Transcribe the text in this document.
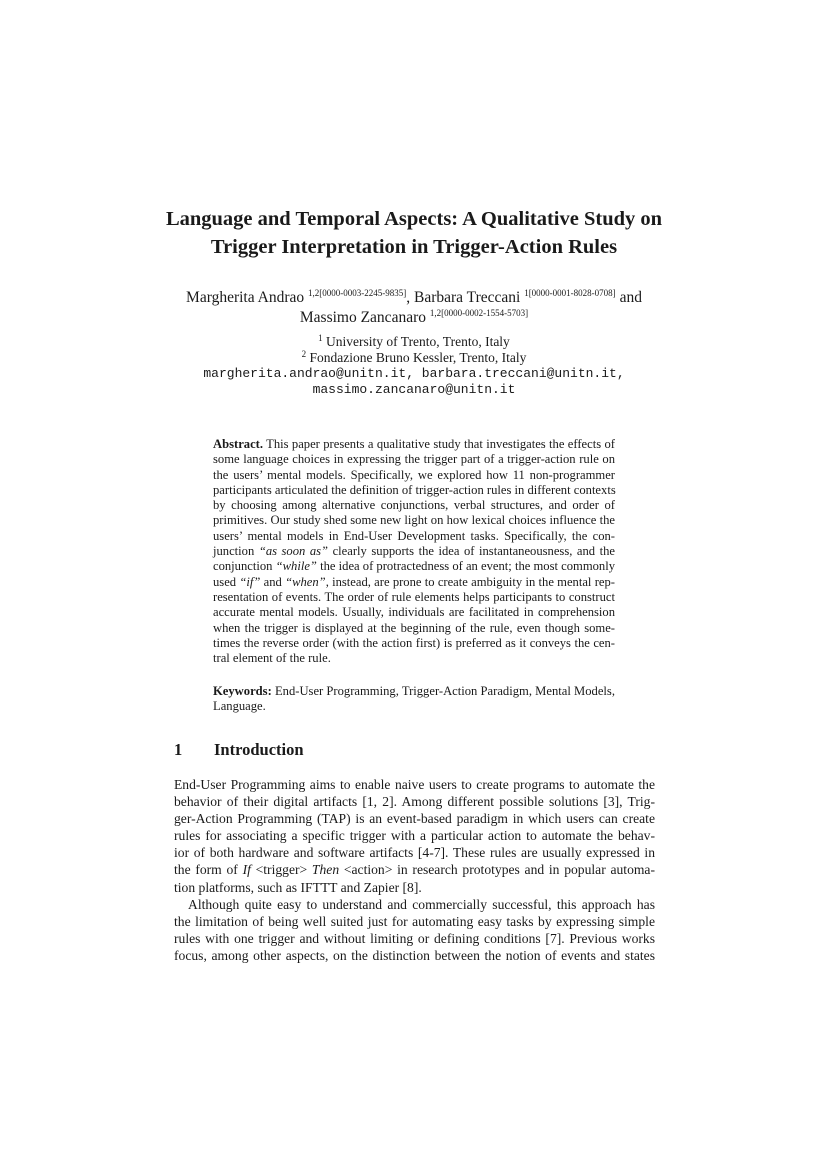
Language and Temporal Aspects: A Qualitative Study on
Trigger Interpretation in Trigger-Action Rules
Margherita Andrao $^{1,2[0000-0003-2245-9835]}$, Barbara Treccani $^{1[0000-0001-8028-0708]}$ and
Massimo Zancanaro $^{1,2[0000-0002-1554-5703]}$
$^1$ University of Trento, Trento, Italy
$^2$ Fondazione Bruno Kessler, Trento, Italy
margherita.andrao@unitn.it, barbara.treccani@unitn.it,
massimo.zancanaro@unitn.it
Abstract. This paper presents a qualitative study that investigates the effects of
some language choices in expressing the trigger part of a trigger-action rule on
the users’ mental models. Specifically, we explored how 11 non-programmer
participants articulated the definition of trigger-action rules in different contexts
by choosing among alternative conjunctions, verbal structures, and order of
primitives. Our study shed some new light on how lexical choices influence the
users’ mental models in End-User Development tasks. Specifically, the con-
junction “as soon as” clearly supports the idea of instantaneousness, and the
conjunction “while” the idea of protractedness of an event; the most commonly
used “if” and “when”, instead, are prone to create ambiguity in the mental rep-
resentation of events. The order of rule elements helps participants to construct
accurate mental models. Usually, individuals are facilitated in comprehension
when the trigger is displayed at the beginning of the rule, even though some-
times the reverse order (with the action first) is preferred as it conveys the cen-
tral element of the rule.
Keywords: End-User Programming, Trigger-Action Paradigm, Mental Models,
Language.
1 Introduction

End-User Programming aims to enable naive users to create programs to automate the
behavior of their digital artifacts [1, 2]. Among different possible solutions [3], Trig-
ger-Action Programming (TAP) is an event-based paradigm in which users can create
rules for associating a specific trigger with a particular action to automate the behav-
ior of both hardware and software artifacts [4-7]. These rules are usually expressed in
the form of If <trigger> Then <action> in research prototypes and in popular automa-
tion platforms, such as IFTTT and Zapier [8].

Although quite easy to understand and commercially successful, this approach has
the limitation of being well suited just for automating easy tasks by expressing simple
rules with one trigger and without limiting or defining conditions [7]. Previous works
focus, among other aspects, on the distinction between the notion of events and states
